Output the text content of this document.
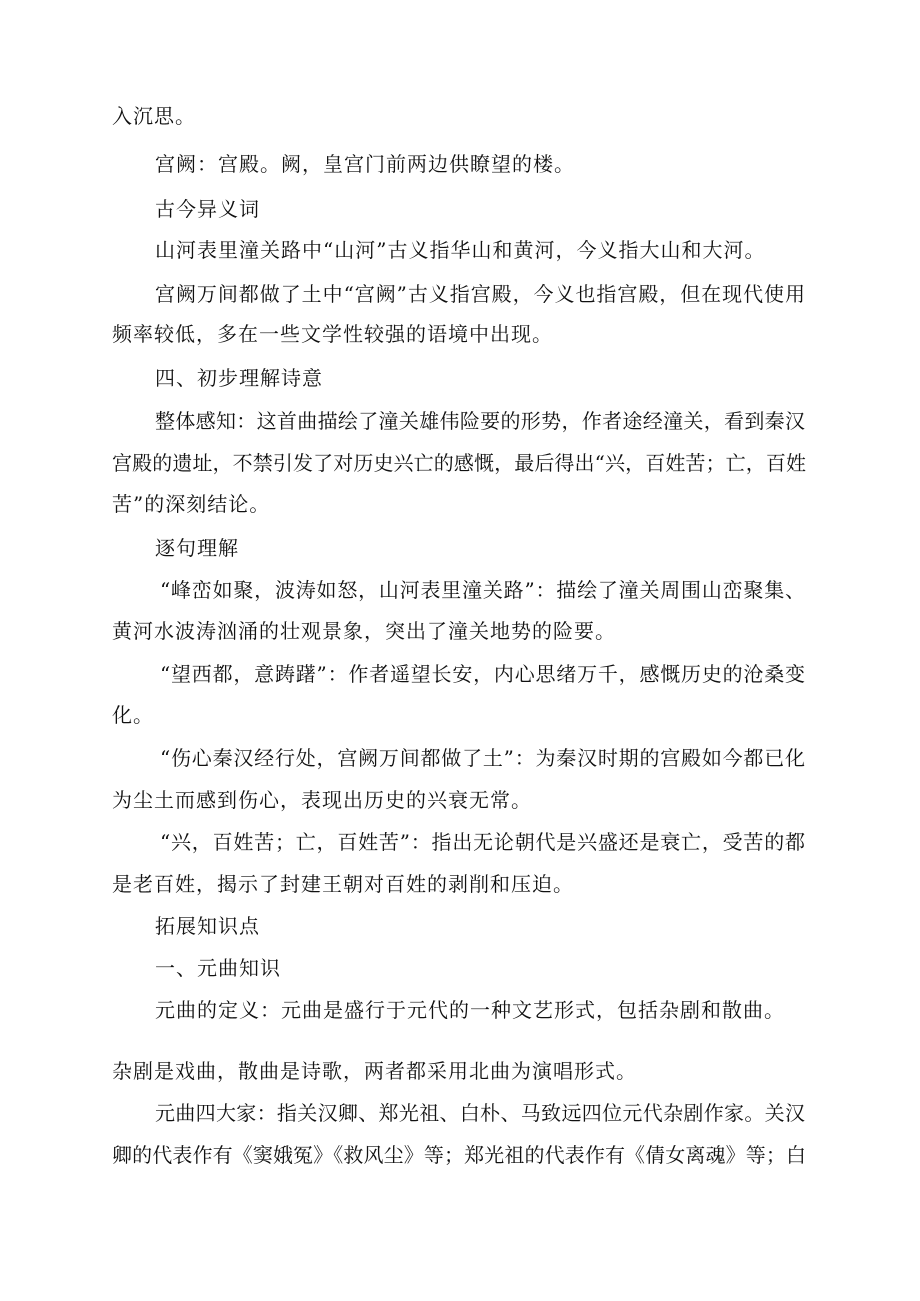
入沉思。
宫阙：宫殿。阙，皇宫门前两边供瞭望的楼。
古今异义词
山河表里潼关路中“山河”古义指华山和黄河，今义指大山和大河。
宫阙万间都做了土中“宫阙”古义指宫殿，今义也指宫殿，但在现代使用
频率较低，多在一些文学性较强的语境中出现。
四、初步理解诗意
整体感知：这首曲描绘了潼关雄伟险要的形势，作者途经潼关，看到秦汉
宫殿的遗址，不禁引发了对历史兴亡的感慨，最后得出“兴，百姓苦；亡，百姓
苦”的深刻结论。
逐句理解
“峰峦如聚，波涛如怒，山河表里潼关路”：描绘了潼关周围山峦聚集、
黄河水波涛汹涌的壮观景象，突出了潼关地势的险要。
“望西都，意踌躇”：作者遥望长安，内心思绪万千，感慨历史的沧桑变
化。
“伤心秦汉经行处，宫阙万间都做了土”：为秦汉时期的宫殿如今都已化
为尘土而感到伤心，表现出历史的兴衰无常。
“兴，百姓苦；亡，百姓苦”：指出无论朝代是兴盛还是衰亡，受苦的都
是老百姓，揭示了封建王朝对百姓的剥削和压迫。
拓展知识点
一、元曲知识
元曲的定义：元曲是盛行于元代的一种文艺形式，包括杂剧和散曲。
杂剧是戏曲，散曲是诗歌，两者都采用北曲为演唱形式。
元曲四大家：指关汉卿、郑光祖、白朴、马致远四位元代杂剧作家。关汉
卿的代表作有《窦娥冤》《救风尘》等；郑光祖的代表作有《倩女离魂》等；白
